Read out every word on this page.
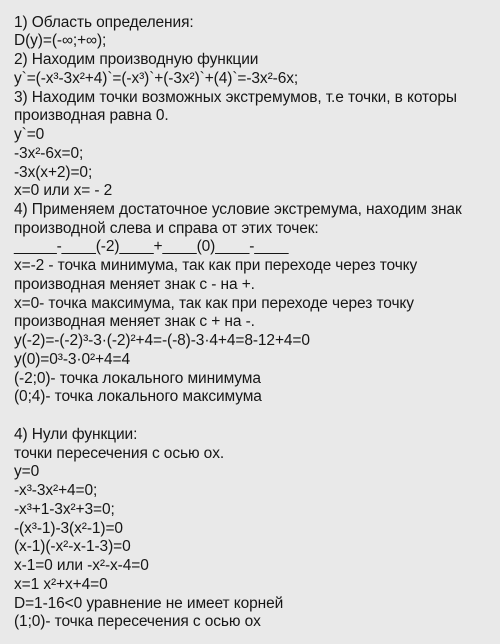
1) Область определения:
D(y)=(-∞;+∞);
2) Находим производную функции
y`=(-x³-3x²+4)`=(-x³)`+(-3x²)`+(4)`=-3x²-6x;
3) Находим точки возможных экстремумов, т.е точки, в которы
производная равна 0.
y`=0
-3x²-6x=0;
-3x(x+2)=0;
x=0 или x= - 2
4) Применяем достаточное условие экстремума, находим знак
производной слева и справа от этих точек:
_____-____(-2)____+____(0)____-____
x=-2 - точка минимума, так как при переходе через точку
производная меняет знак с - на +.
x=0- точка максимума, так как при переходе через точку
производная меняет знак с + на -.
y(-2)=-(-2)³-3·(-2)²+4=-(-8)-3·4+4=8-12+4=0
y(0)=0³-3·0²+4=4
(-2;0)- точка локального минимума
(0;4)- точка локального максимума
4) Нули функции:
точки пересечения с осью ox.
y=0
-x³-3x²+4=0;
-x³+1-3x²+3=0;
-(x³-1)-3(x²-1)=0
(x-1)(-x²-x-1-3)=0
x-1=0 или -x²-x-4=0
x=1 x²+x+4=0
D=1-16<0 уравнение не имеет корней
(1;0)- точка пересечения с осью ox
